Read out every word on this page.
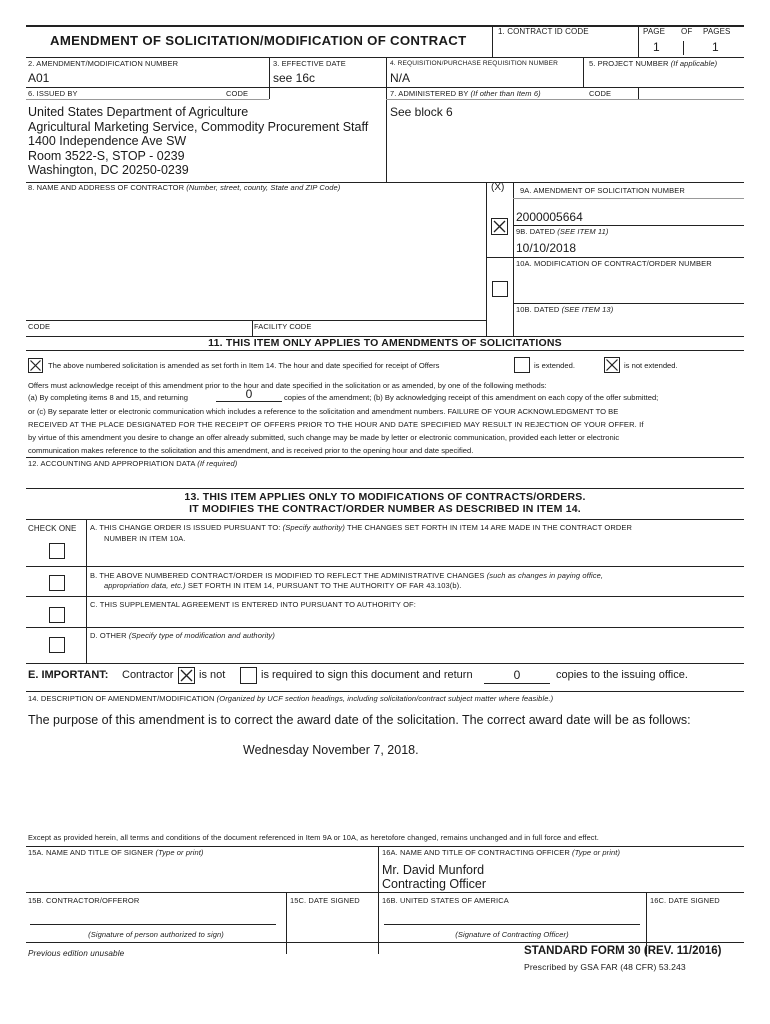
AMENDMENT OF SOLICITATION/MODIFICATION OF CONTRACT
1. CONTRACT ID CODE	PAGE OF PAGES
1	1
2. AMENDMENT/MODIFICATION NUMBER
A01
3. EFFECTIVE DATE
see 16c
4. REQUISITION/PURCHASE REQUISITION NUMBER
N/A
5. PROJECT NUMBER (If applicable)
6. ISSUED BY	CODE	7. ADMINISTERED BY (If other than Item 6)	CODE
United States Department of Agriculture
Agricultural Marketing Service, Commodity Procurement Staff
1400 Independence Ave SW
Room 3522-S, STOP - 0239
Washington, DC 20250-0239
See block 6
8. NAME AND ADDRESS OF CONTRACTOR (Number, street, county, State and ZIP Code)	(X) 9A. AMENDMENT OF SOLICITATION NUMBER
2000005664
9B. DATED (SEE ITEM 11)
10/10/2018
10A. MODIFICATION OF CONTRACT/ORDER NUMBER
10B. DATED (SEE ITEM 13)
CODE	FACILITY CODE
11. THIS ITEM ONLY APPLIES TO AMENDMENTS OF SOLICITATIONS
The above numbered solicitation is amended as set forth in Item 14. The hour and date specified for receipt of Offers	is extended.	is not extended.
Offers must acknowledge receipt of this amendment prior to the hour and date specified in the solicitation or as amended, by one of the following methods:
(a) By completing items 8 and 15, and returning	0	copies of the amendment; (b) By acknowledging receipt of this amendment on each copy of the offer submitted;
or (c) By separate letter or electronic communication which includes a reference to the solicitation and amendment numbers. FAILURE OF YOUR ACKNOWLEDGMENT TO BE
RECEIVED AT THE PLACE DESIGNATED FOR THE RECEIPT OF OFFERS PRIOR TO THE HOUR AND DATE SPECIFIED MAY RESULT IN REJECTION OF YOUR OFFER. If
by virtue of this amendment you desire to change an offer already submitted, such change may be made by letter or electronic communication, provided each letter or electronic
communication makes reference to the solicitation and this amendment, and is received prior to the opening hour and date specified.
12. ACCOUNTING AND APPROPRIATION DATA (If required)
13. THIS ITEM APPLIES ONLY TO MODIFICATIONS OF CONTRACTS/ORDERS.
IT MODIFIES THE CONTRACT/ORDER NUMBER AS DESCRIBED IN ITEM 14.
CHECK ONE A. THIS CHANGE ORDER IS ISSUED PURSUANT TO: (Specify authority) THE CHANGES SET FORTH IN ITEM 14 ARE MADE IN THE CONTRACT ORDER
NUMBER IN ITEM 10A.
B. THE ABOVE NUMBERED CONTRACT/ORDER IS MODIFIED TO REFLECT THE ADMINISTRATIVE CHANGES (such as changes in paying office,
appropriation data, etc.) SET FORTH IN ITEM 14, PURSUANT TO THE AUTHORITY OF FAR 43.103(b).
C. THIS SUPPLEMENTAL AGREEMENT IS ENTERED INTO PURSUANT TO AUTHORITY OF:
D. OTHER (Specify type of modification and authority)
E. IMPORTANT: Contractor is not	is required to sign this document and return	0	copies to the issuing office.
14. DESCRIPTION OF AMENDMENT/MODIFICATION (Organized by UCF section headings, including solicitation/contract subject matter where feasible.)
The purpose of this amendment is to correct the award date of the solicitation. The correct award date will be as follows:
Wednesday November 7, 2018.
Except as provided herein, all terms and conditions of the document referenced in Item 9A or 10A, as heretofore changed, remains unchanged and in full force and effect.
15A. NAME AND TITLE OF SIGNER (Type or print)	16A. NAME AND TITLE OF CONTRACTING OFFICER (Type or print)
Mr. David Munford
Contracting Officer
15B. CONTRACTOR/OFFEROR	15C. DATE SIGNED	16B. UNITED STATES OF AMERICA	16C. DATE SIGNED
(Signature of person authorized to sign)	(Signature of Contracting Officer)
Previous edition unusable	STANDARD FORM 30 (REV. 11/2016)
Prescribed by GSA FAR (48 CFR) 53.243
